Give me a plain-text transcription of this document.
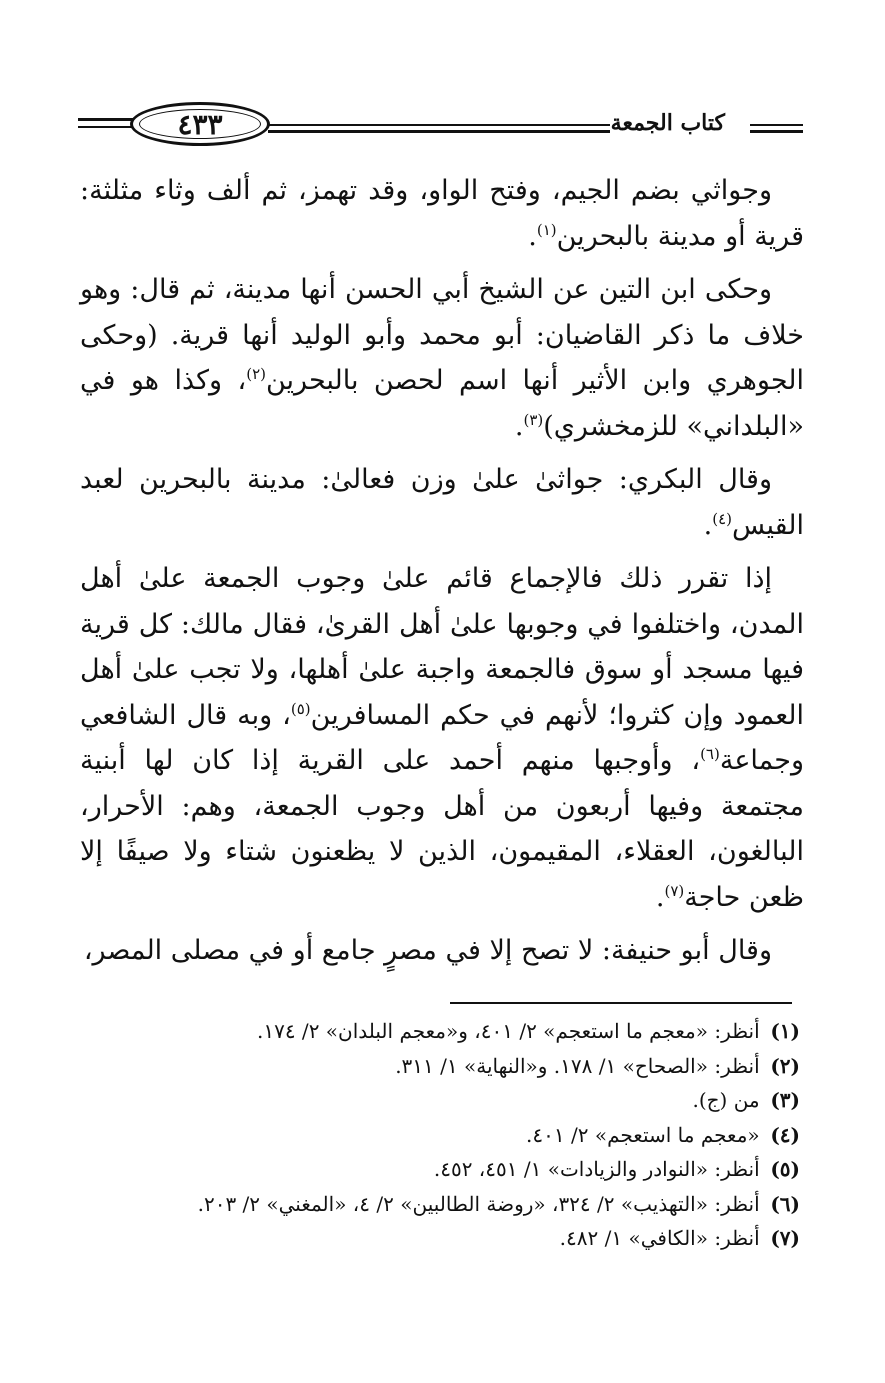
٤٣٣	كتاب الجمعة

وجواثي بضم الجيم، وفتح الواو، وقد تهمز، ثم ألف وثاء مثلثة: قرية أو مدينة بالبحرين$^{(١)}$.

وحكى ابن التين عن الشيخ أبي الحسن أنها مدينة، ثم قال: وهو خلاف ما ذكر القاضيان: أبو محمد وأبو الوليد أنها قرية. (وحكى الجوهري وابن الأثير أنها اسم لحصن بالبحرين$^{(٢)}$، وكذا هو في «البلداني» للزمخشري)$^{(٣)}$.

وقال البكري: جواثىٰ علىٰ وزن فعالىٰ: مدينة بالبحرين لعبد القيس$^{(٤)}$.

إذا تقرر ذلك فالإجماع قائم علىٰ وجوب الجمعة علىٰ أهل المدن، واختلفوا في وجوبها علىٰ أهل القرىٰ، فقال مالك: كل قرية فيها مسجد أو سوق فالجمعة واجبة علىٰ أهلها، ولا تجب علىٰ أهل العمود وإن كثروا؛ لأنهم في حكم المسافرين$^{(٥)}$، وبه قال الشافعي وجماعة$^{(٦)}$، وأوجبها منهم أحمد على القرية إذا كان لها أبنية مجتمعة وفيها أربعون من أهل وجوب الجمعة، وهم: الأحرار، البالغون، العقلاء، المقيمون، الذين لا يظعنون شتاء ولا صيفًا إلا ظعن حاجة$^{(٧)}$.

وقال أبو حنيفة: لا تصح إلا في مصرٍ جامع أو في مصلى المصر،

(١) أنظر: «معجم ما استعجم» ٢/ ٤٠١، و«معجم البلدان» ٢/ ١٧٤.
(٢) أنظر: «الصحاح» ١/ ١٧٨. و«النهاية» ١/ ٣١١.
(٣) من (ج).
(٤) «معجم ما استعجم» ٢/ ٤٠١.
(٥) أنظر: «النوادر والزيادات» ١/ ٤٥١، ٤٥٢.
(٦) أنظر: «التهذيب» ٢/ ٣٢٤، «روضة الطالبين» ٢/ ٤، «المغني» ٢/ ٢٠٣.
(٧) أنظر: «الكافي» ١/ ٤٨٢.
